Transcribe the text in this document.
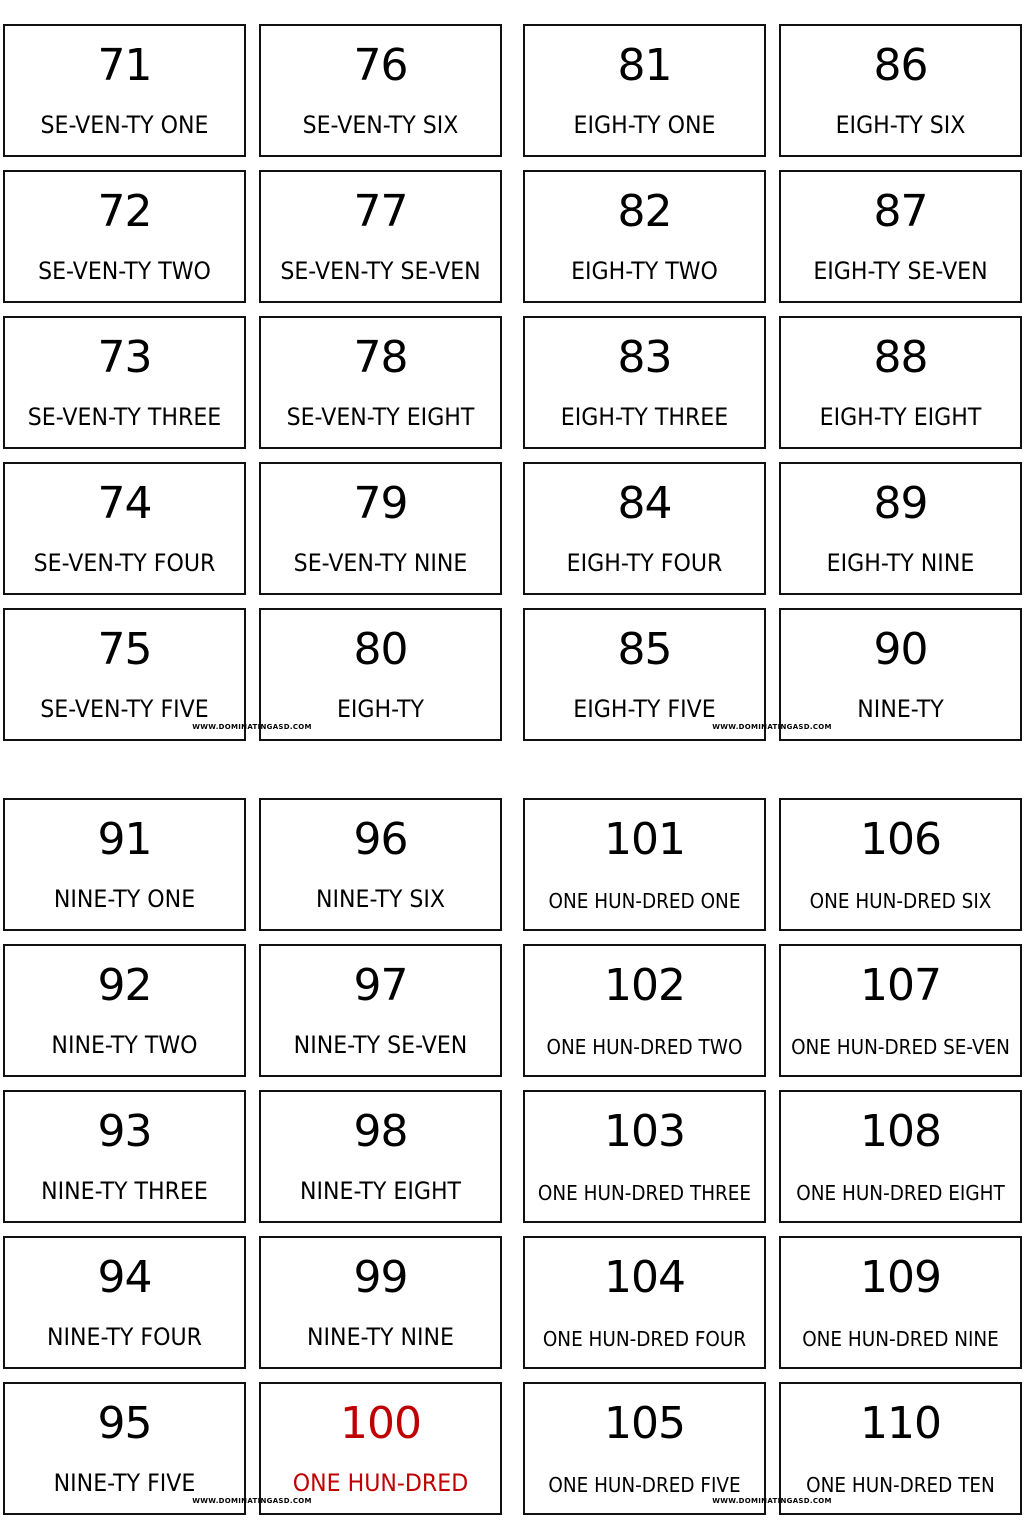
71
SE-VEN-TY ONE
76
SE-VEN-TY SIX
72
SE-VEN-TY TWO
77
SE-VEN-TY SE-VEN
73
SE-VEN-TY THREE
78
SE-VEN-TY EIGHT
74
SE-VEN-TY FOUR
79
SE-VEN-TY NINE
75
SE-VEN-TY FIVE
80
EIGH-TY
WWW.DOMINATINGASD.COM
81
EIGH-TY ONE
86
EIGH-TY SIX
82
EIGH-TY TWO
87
EIGH-TY SE-VEN
83
EIGH-TY THREE
88
EIGH-TY EIGHT
84
EIGH-TY FOUR
89
EIGH-TY NINE
85
EIGH-TY FIVE
90
NINE-TY
WWW.DOMINATINGASD.COM
91
NINE-TY ONE
96
NINE-TY SIX
92
NINE-TY TWO
97
NINE-TY SE-VEN
93
NINE-TY THREE
98
NINE-TY EIGHT
94
NINE-TY FOUR
99
NINE-TY NINE
95
NINE-TY FIVE
100
ONE HUN-DRED
WWW.DOMINATINGASD.COM
101
ONE HUN-DRED ONE
106
ONE HUN-DRED SIX
102
ONE HUN-DRED TWO
107
ONE HUN-DRED SE-VEN
103
ONE HUN-DRED THREE
108
ONE HUN-DRED EIGHT
104
ONE HUN-DRED FOUR
109
ONE HUN-DRED NINE
105
ONE HUN-DRED FIVE
110
ONE HUN-DRED TEN
WWW.DOMINATINGASD.COM
